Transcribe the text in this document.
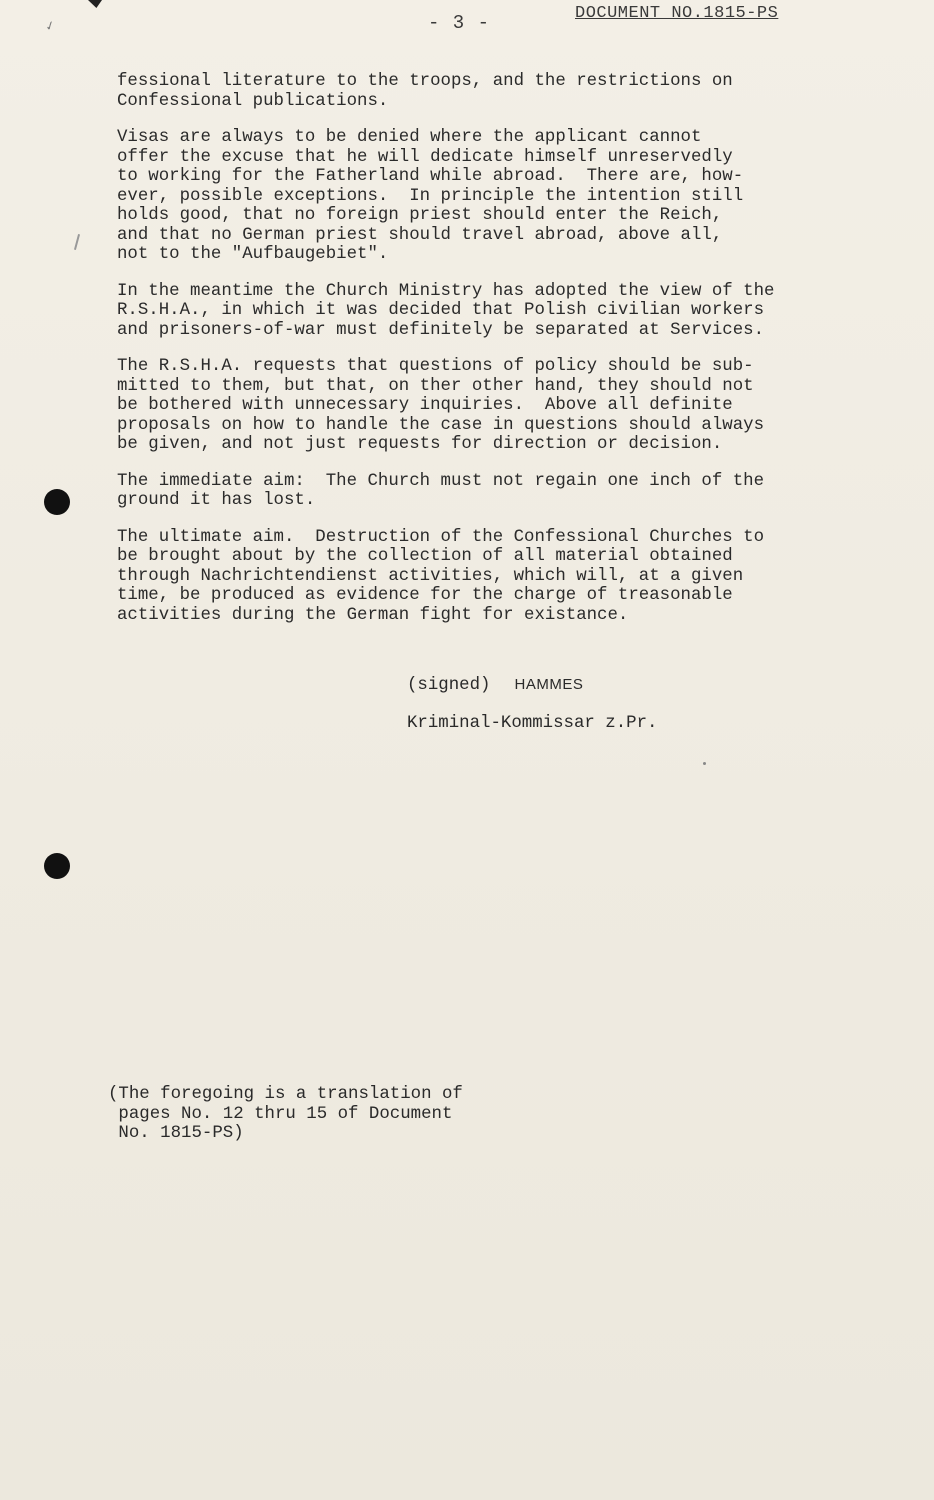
✓	- 3 -	DOCUMENT NO.1815-PS

fessional literature to the troops, and the restrictions on
Confessional publications.

Visas are always to be denied where the applicant cannot
offer the excuse that he will dedicate himself unreservedly
to working for the Fatherland while abroad.  There are, how-
ever, possible exceptions.  In principle the intention still
holds good, that no foreign priest should enter the Reich,
and that no German priest should travel abroad, above all,
not to the "Aufbaugebiet".

In the meantime the Church Ministry has adopted the view of the
R.S.H.A., in which it was decided that Polish civilian workers
and prisoners-of-war must definitely be separated at Services.

The R.S.H.A. requests that questions of policy should be sub-
mitted to them, but that, on ther other hand, they should not
be bothered with unnecessary inquiries.  Above all definite
proposals on how to handle the case in questions should always
be given, and not just requests for direction or decision.

The immediate aim:  The Church must not regain one inch of the
ground it has lost.

The ultimate aim.  Destruction of the Confessional Churches to
be brought about by the collection of all material obtained
through Nachrichtendienst activities, which will, at a given
time, be produced as evidence for the charge of treasonable
activities during the German fight for existance.

(signed) HAMMES
Kriminal-Kommissar z.Pr.
(The foregoing is a translation of
pages No. 12 thru 15 of Document
No. 1815-PS)
